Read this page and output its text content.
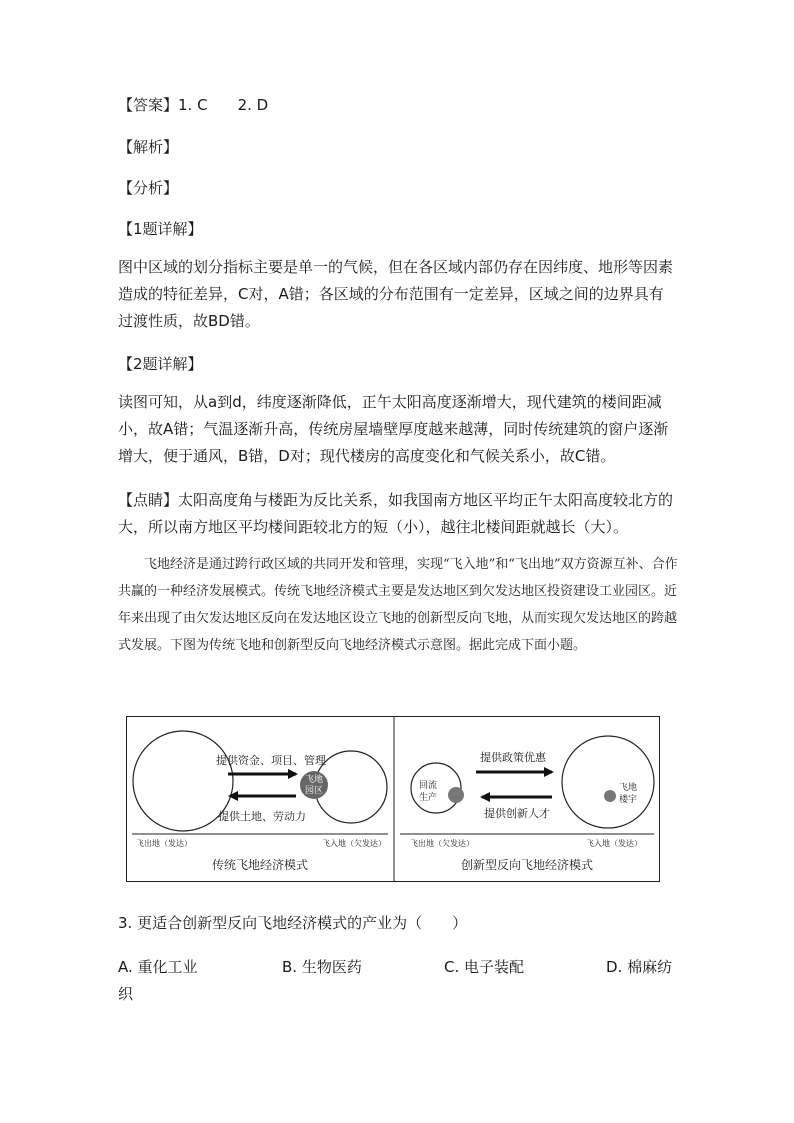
【答案】1. C 2. D
【解析】
【分析】
【1题详解】
图中区域的划分指标主要是单一的气候，但在各区域内部仍存在因纬度、地形等因素造成的特征差异，C对，A错；各区域的分布范围有一定差异，区域之间的边界具有过渡性质，故BD错。
【2题详解】
读图可知，从a到d，纬度逐渐降低，正午太阳高度逐渐增大，现代建筑的楼间距减小，故A错；气温逐渐升高，传统房屋墙壁厚度越来越薄，同时传统建筑的窗户逐渐增大，便于通风，B错，D对；现代楼房的高度变化和气候关系小，故C错。
【点睛】太阳高度角与楼距为反比关系，如我国南方地区平均正午太阳高度较北方的大，所以南方地区平均楼间距较北方的短（小），越往北楼间距就越长（大）。
飞地经济是通过跨行政区域的共同开发和管理，实现“飞入地”和“飞出地”双方资源互补、合作共赢的一种经济发展模式。传统飞地经济模式主要是发达地区到欠发达地区投资建设工业园区。近年来出现了由欠发达地区反向在发达地区设立飞地的创新型反向飞地，从而实现欠发达地区的跨越式发展。下图为传统飞地和创新型反向飞地经济模式示意图。据此完成下面小题。
飞地
园区
提供资金、项目、管理
提供土地、劳动力
飞出地（发达）	飞入地（欠发达）
传统飞地经济模式
回流
生产
飞地
楼宇
提供政策优惠
提供创新人才
飞出地（欠发达）	飞入地（发达）
创新型反向飞地经济模式
3. 更适合创新型反向飞地经济模式的产业为（　　）
A. 重化工业	B. 生物医药	C. 电子装配	D. 棉麻纺
织
